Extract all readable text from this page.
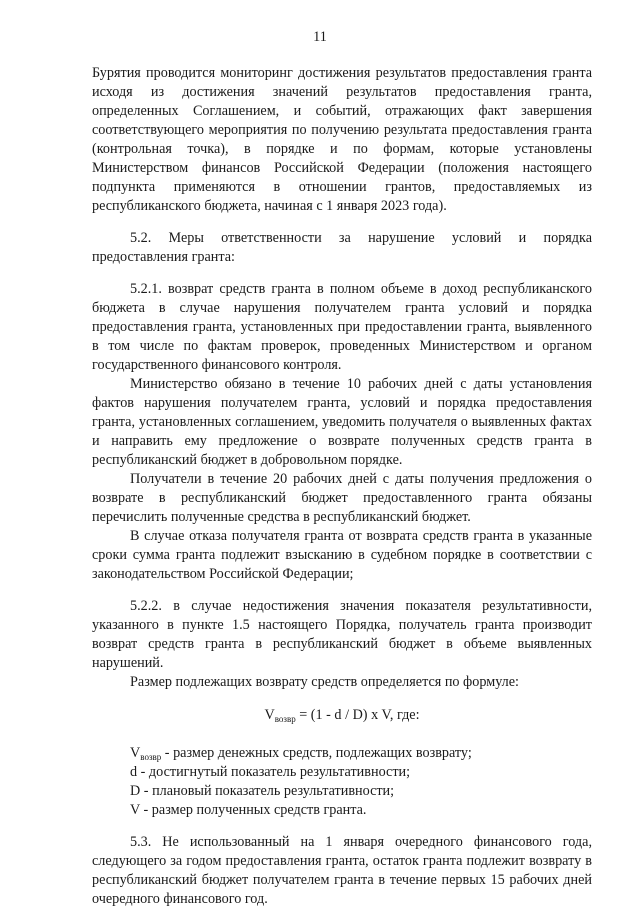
11

Бурятия проводится мониторинг достижения результатов предоставления гранта исходя из достижения значений результатов предоставления гранта, определенных Соглашением, и событий, отражающих факт завершения соответствующего мероприятия по получению результата предоставления гранта (контрольная точка), в порядке и по формам, которые установлены Министерством финансов Российской Федерации (положения настоящего подпункта применяются в отношении грантов, предоставляемых из республиканского бюджета, начиная с 1 января 2023 года).

5.2. Меры ответственности за нарушение условий и порядка предоставления гранта:

5.2.1. возврат средств гранта в полном объеме в доход республиканского бюджета в случае нарушения получателем гранта условий и порядка предоставления гранта, установленных при предоставлении гранта, выявленного в том числе по фактам проверок, проведенных Министерством и органом государственного финансового контроля.

Министерство обязано в течение 10 рабочих дней с даты установления фактов нарушения получателем гранта, условий и порядка предоставления гранта, установленных соглашением, уведомить получателя о выявленных фактах и направить ему предложение о возврате полученных средств гранта в республиканский бюджет в добровольном порядке.

Получатели в течение 20 рабочих дней с даты получения предложения о возврате в республиканский бюджет предоставленного гранта обязаны перечислить полученные средства в республиканский бюджет.

В случае отказа получателя гранта от возврата средств гранта в указанные сроки сумма гранта подлежит взысканию в судебном порядке в соответствии с законодательством Российской Федерации;

5.2.2. в случае недостижения значения показателя результативности, указанного в пункте 1.5 настоящего Порядка, получатель гранта производит возврат средств гранта в республиканский бюджет в объеме выявленных нарушений.

Размер подлежащих возврату средств определяется по формуле:

$V_{возвр} = (1 - d / D)$ x V, где:

$V_{возвр}$ - размер денежных средств, подлежащих возврату;

d - достигнутый показатель результативности;

D - плановый показатель результативности;

V - размер полученных средств гранта.

5.3. Не использованный на 1 января очередного финансового года, следующего за годом предоставления гранта, остаток гранта подлежит возврату в республиканский бюджет получателем гранта в течение первых 15 рабочих дней очередного финансового год.
